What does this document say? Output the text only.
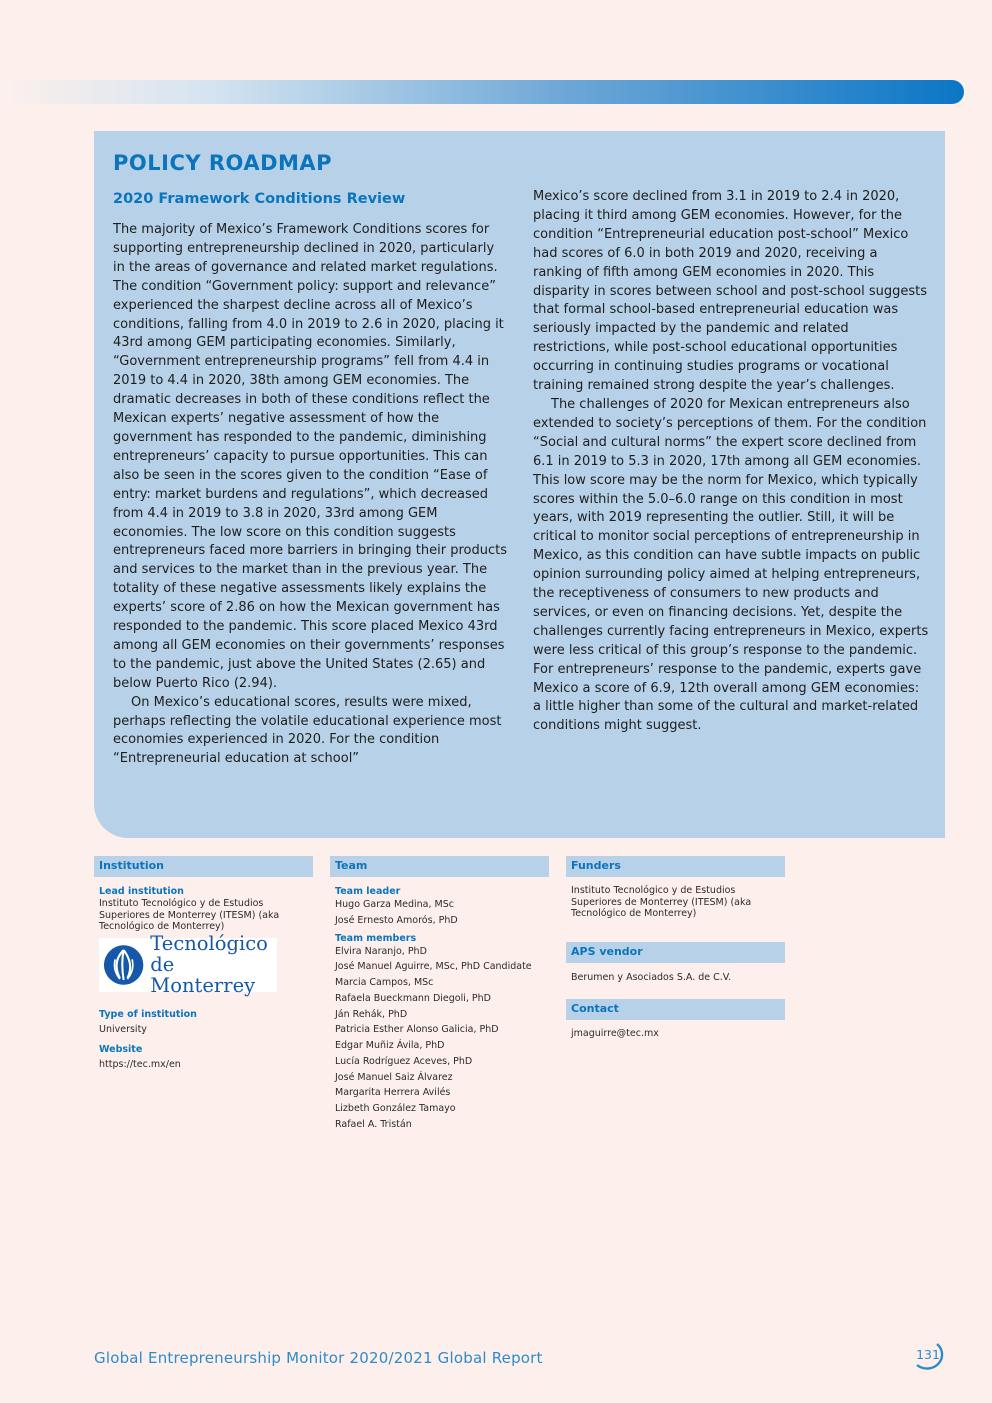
POLICY ROADMAP
2020 Framework Conditions Review

The majority of Mexico’s Framework Conditions scores for supporting entrepreneurship declined in 2020, particularly in the areas of governance and related market regulations. The condition “Government policy: support and relevance” experienced the sharpest decline across all of Mexico’s conditions, falling from 4.0 in 2019 to 2.6 in 2020, placing it 43rd among GEM participating economies. Similarly, “Government entrepreneurship programs” fell from 4.4 in 2019 to 4.4 in 2020, 38th among GEM economies. The dramatic decreases in both of these conditions reflect the Mexican experts’ negative assessment of how the government has responded to the pandemic, diminishing entrepreneurs’ capacity to pursue opportunities. This can also be seen in the scores given to the condition “Ease of entry: market burdens and regulations”, which decreased from 4.4 in 2019 to 3.8 in 2020, 33rd among GEM economies. The low score on this condition suggests entrepreneurs faced more barriers in bringing their products and services to the market than in the previous year. The totality of these negative assessments likely explains the experts’ score of 2.86 on how the Mexican government has responded to the pandemic. This score placed Mexico 43rd among all GEM economies on their governments’ responses to the pandemic, just above the United States (2.65) and below Puerto Rico (2.94).

On Mexico’s educational scores, results were mixed, perhaps reflecting the volatile educational experience most economies experienced in 2020. For the condition “Entrepreneurial education at school”

Mexico’s score declined from 3.1 in 2019 to 2.4 in 2020, placing it third among GEM economies. However, for the condition “Entrepreneurial education post-school” Mexico had scores of 6.0 in both 2019 and 2020, receiving a ranking of fifth among GEM economies in 2020. This disparity in scores between school and post-school suggests that formal school-based entrepreneurial education was seriously impacted by the pandemic and related restrictions, while post-school educational opportunities occurring in continuing studies programs or vocational training remained strong despite the year’s challenges.

The challenges of 2020 for Mexican entrepreneurs also extended to society’s perceptions of them. For the condition “Social and cultural norms” the expert score declined from 6.1 in 2019 to 5.3 in 2020, 17th among all GEM economies. This low score may be the norm for Mexico, which typically scores within the 5.0–6.0 range on this condition in most years, with 2019 representing the outlier. Still, it will be critical to monitor social perceptions of entrepreneurship in Mexico, as this condition can have subtle impacts on public opinion surrounding policy aimed at helping entrepreneurs, the receptiveness of consumers to new products and services, or even on financing decisions. Yet, despite the challenges currently facing entrepreneurs in Mexico, experts were less critical of this group’s response to the pandemic. For entrepreneurs’ response to the pandemic, experts gave Mexico a score of 6.9, 12th overall among GEM economies: a little higher than some of the cultural and market-related conditions might suggest.

Institution
Lead institution
Instituto Tecnológico y de Estudios Superiores de Monterrey (ITESM) (aka Tecnológico de Monterrey)
Tecnológico
de Monterrey
Type of institution
University
Website
https://tec.mx/en
Team
Team leader
Hugo Garza Medina, MSc
José Ernesto Amorós, PhD
Team members
Elvira Naranjo, PhD
José Manuel Aguirre, MSc, PhD Candidate
Marcia Campos, MSc
Rafaela Bueckmann Diegoli, PhD
Ján Rehák, PhD
Patricia Esther Alonso Galicia, PhD
Edgar Muñiz Ávila, PhD
Lucía Rodríguez Aceves, PhD
José Manuel Saiz Álvarez
Margarita Herrera Avilés
Lizbeth González Tamayo
Rafael A. Tristán
Funders
Instituto Tecnológico y de Estudios Superiores de Monterrey (ITESM) (aka Tecnológico de Monterrey)
APS vendor
Berumen y Asociados S.A. de C.V.
Contact
jmaguirre@tec.mx

Global Entrepreneurship Monitor 2020/2021 Global Report	131
